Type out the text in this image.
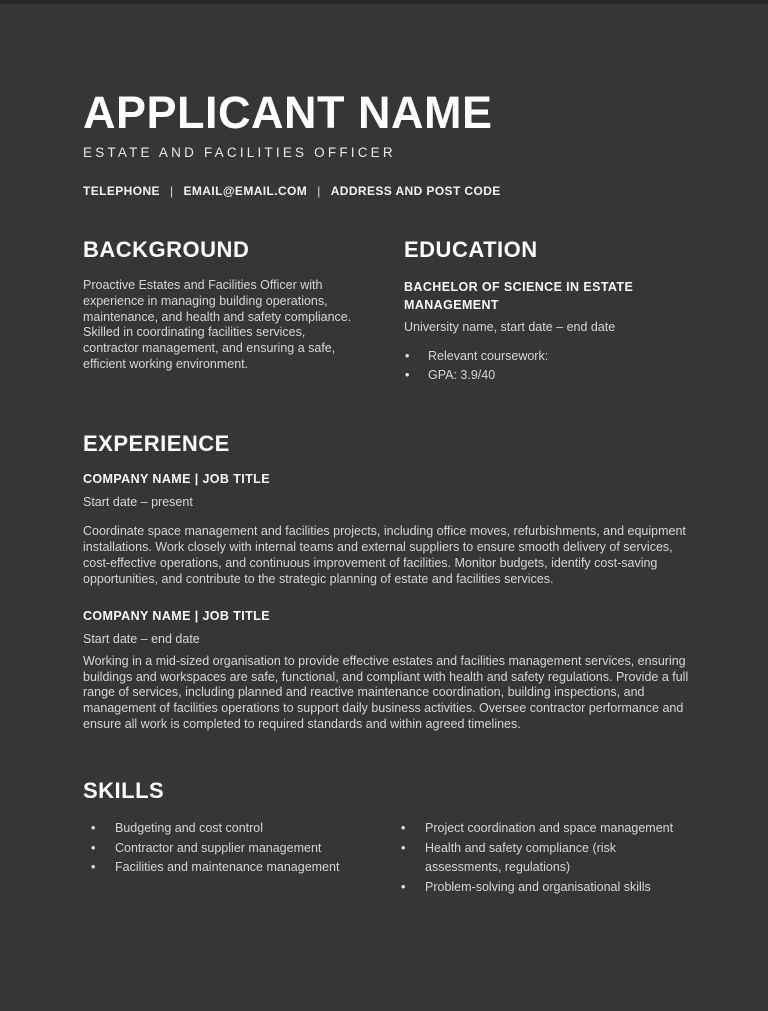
APPLICANT NAME
ESTATE AND FACILITIES OFFICER
TELEPHONE | EMAIL@EMAIL.COM | ADDRESS AND POST CODE
BACKGROUND

Proactive Estates and Facilities Officer with experience in managing building operations, maintenance, and health and safety compliance. Skilled in coordinating facilities services, contractor management, and ensuring a safe, efficient working environment.

EDUCATION
BACHELOR OF SCIENCE IN ESTATE MANAGEMENT
University name, start date – end date
• Relevant coursework:
• GPA: 3.9/40
EXPERIENCE
COMPANY NAME | JOB TITLE
Start date – present

Coordinate space management and facilities projects, including office moves, refurbishments, and equipment installations. Work closely with internal teams and external suppliers to ensure smooth delivery of services, cost-effective operations, and continuous improvement of facilities. Monitor budgets, identify cost-saving opportunities, and contribute to the strategic planning of estate and facilities services.

COMPANY NAME | JOB TITLE
Start date – end date

Working in a mid-sized organisation to provide effective estates and facilities management services, ensuring buildings and workspaces are safe, functional, and compliant with health and safety regulations. Provide a full range of services, including planned and reactive maintenance coordination, building inspections, and management of facilities operations to support daily business activities. Oversee contractor performance and ensure all work is completed to required standards and within agreed timelines.

SKILLS
• Budgeting and cost control
• Contractor and supplier management
• Facilities and maintenance management
• Project coordination and space management
• Health and safety compliance (risk assessments, regulations)
• Problem-solving and organisational skills
